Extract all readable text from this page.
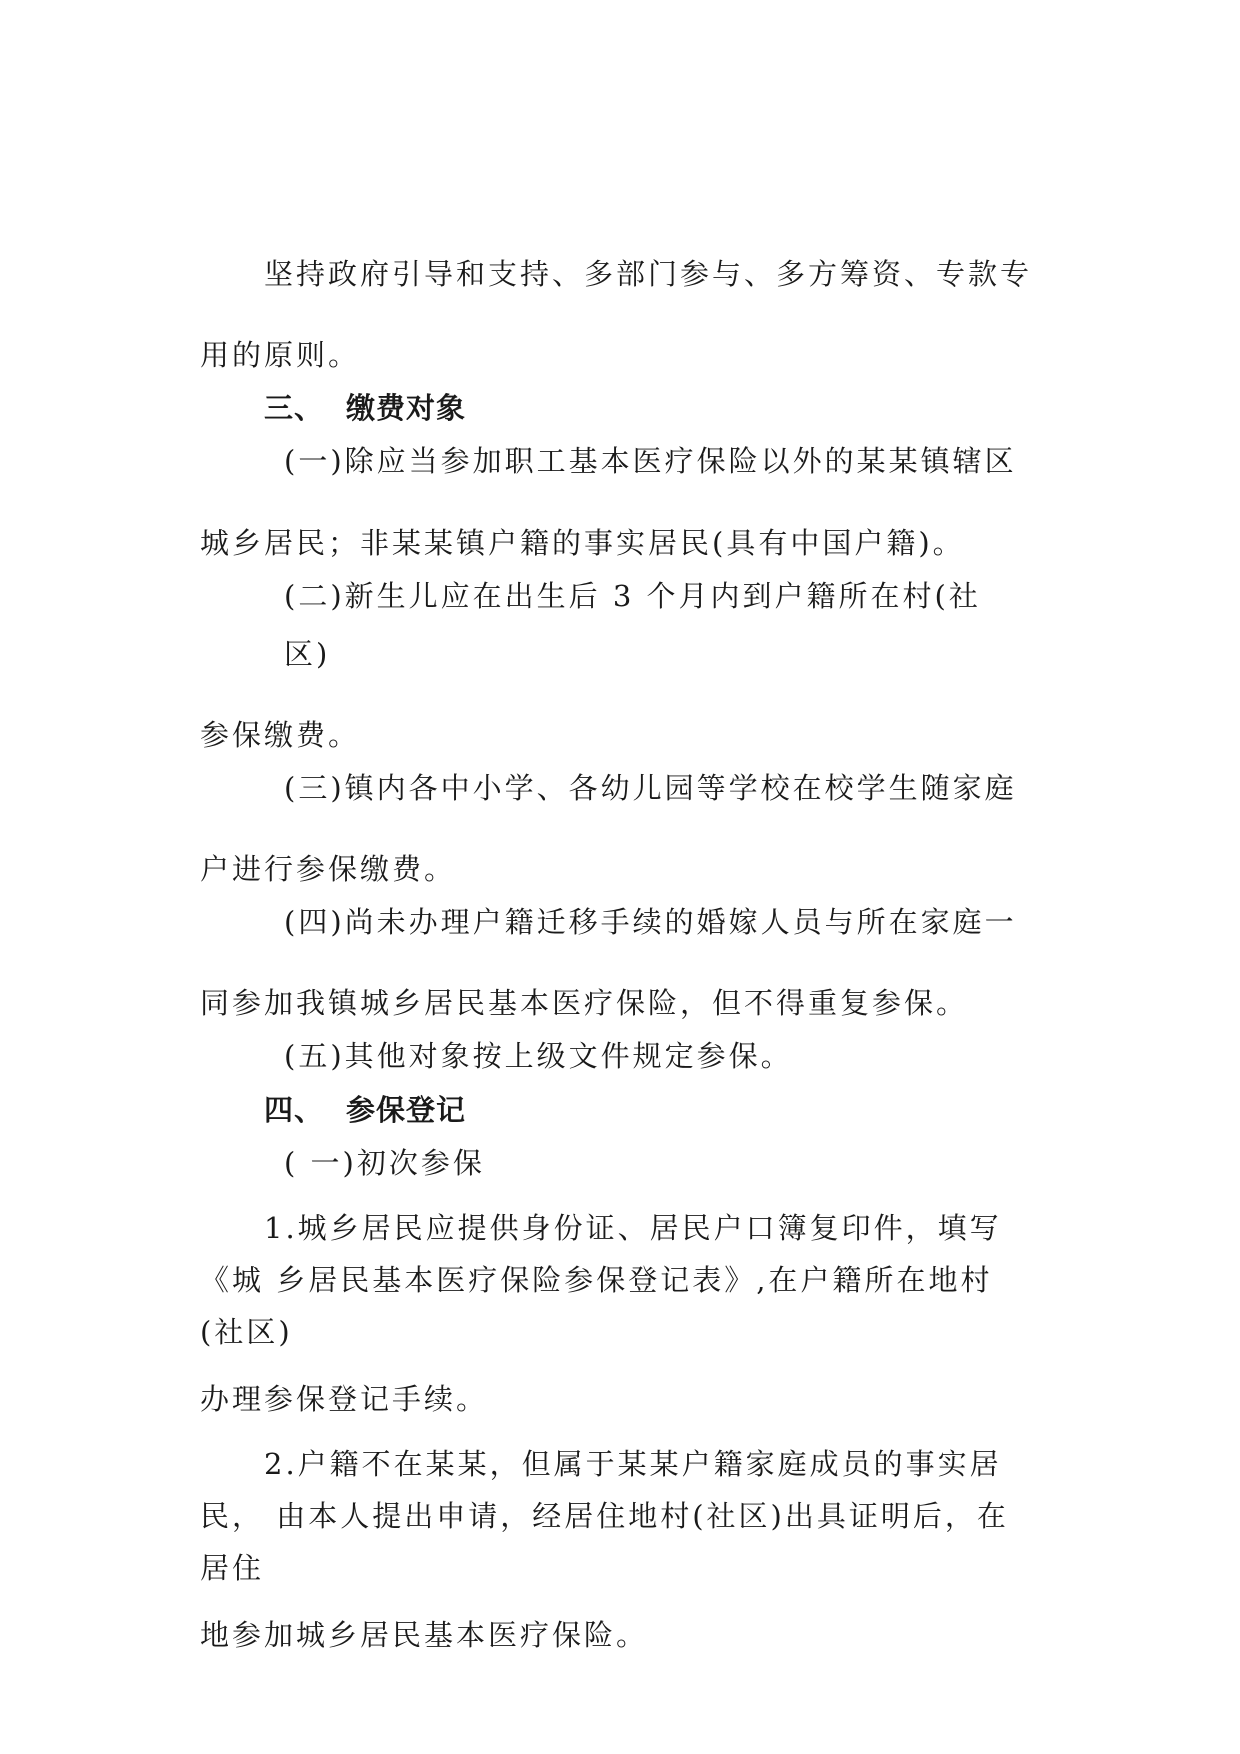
坚持政府引导和支持、多部门参与、多方筹资、专款专
用的原则。
三、 缴费对象
(一)除应当参加职工基本医疗保险以外的某某镇辖区
城乡居民；非某某镇户籍的事实居民(具有中国户籍)。
(二)新生儿应在出生后 3 个月内到户籍所在村(社
区)
参保缴费。
(三)镇内各中小学、各幼儿园等学校在校学生随家庭
户进行参保缴费。
(四)尚未办理户籍迁移手续的婚嫁人员与所在家庭一
同参加我镇城乡居民基本医疗保险，但不得重复参保。
(五)其他对象按上级文件规定参保。
四、 参保登记
( 一)初次参保
1.城乡居民应提供身份证、居民户口簿复印件，填写
《城 乡居民基本医疗保险参保登记表》,在户籍所在地村
(社区)
办理参保登记手续。
2.户籍不在某某，但属于某某户籍家庭成员的事实居
民， 由本人提出申请，经居住地村(社区)出具证明后，在
居住
地参加城乡居民基本医疗保险。
